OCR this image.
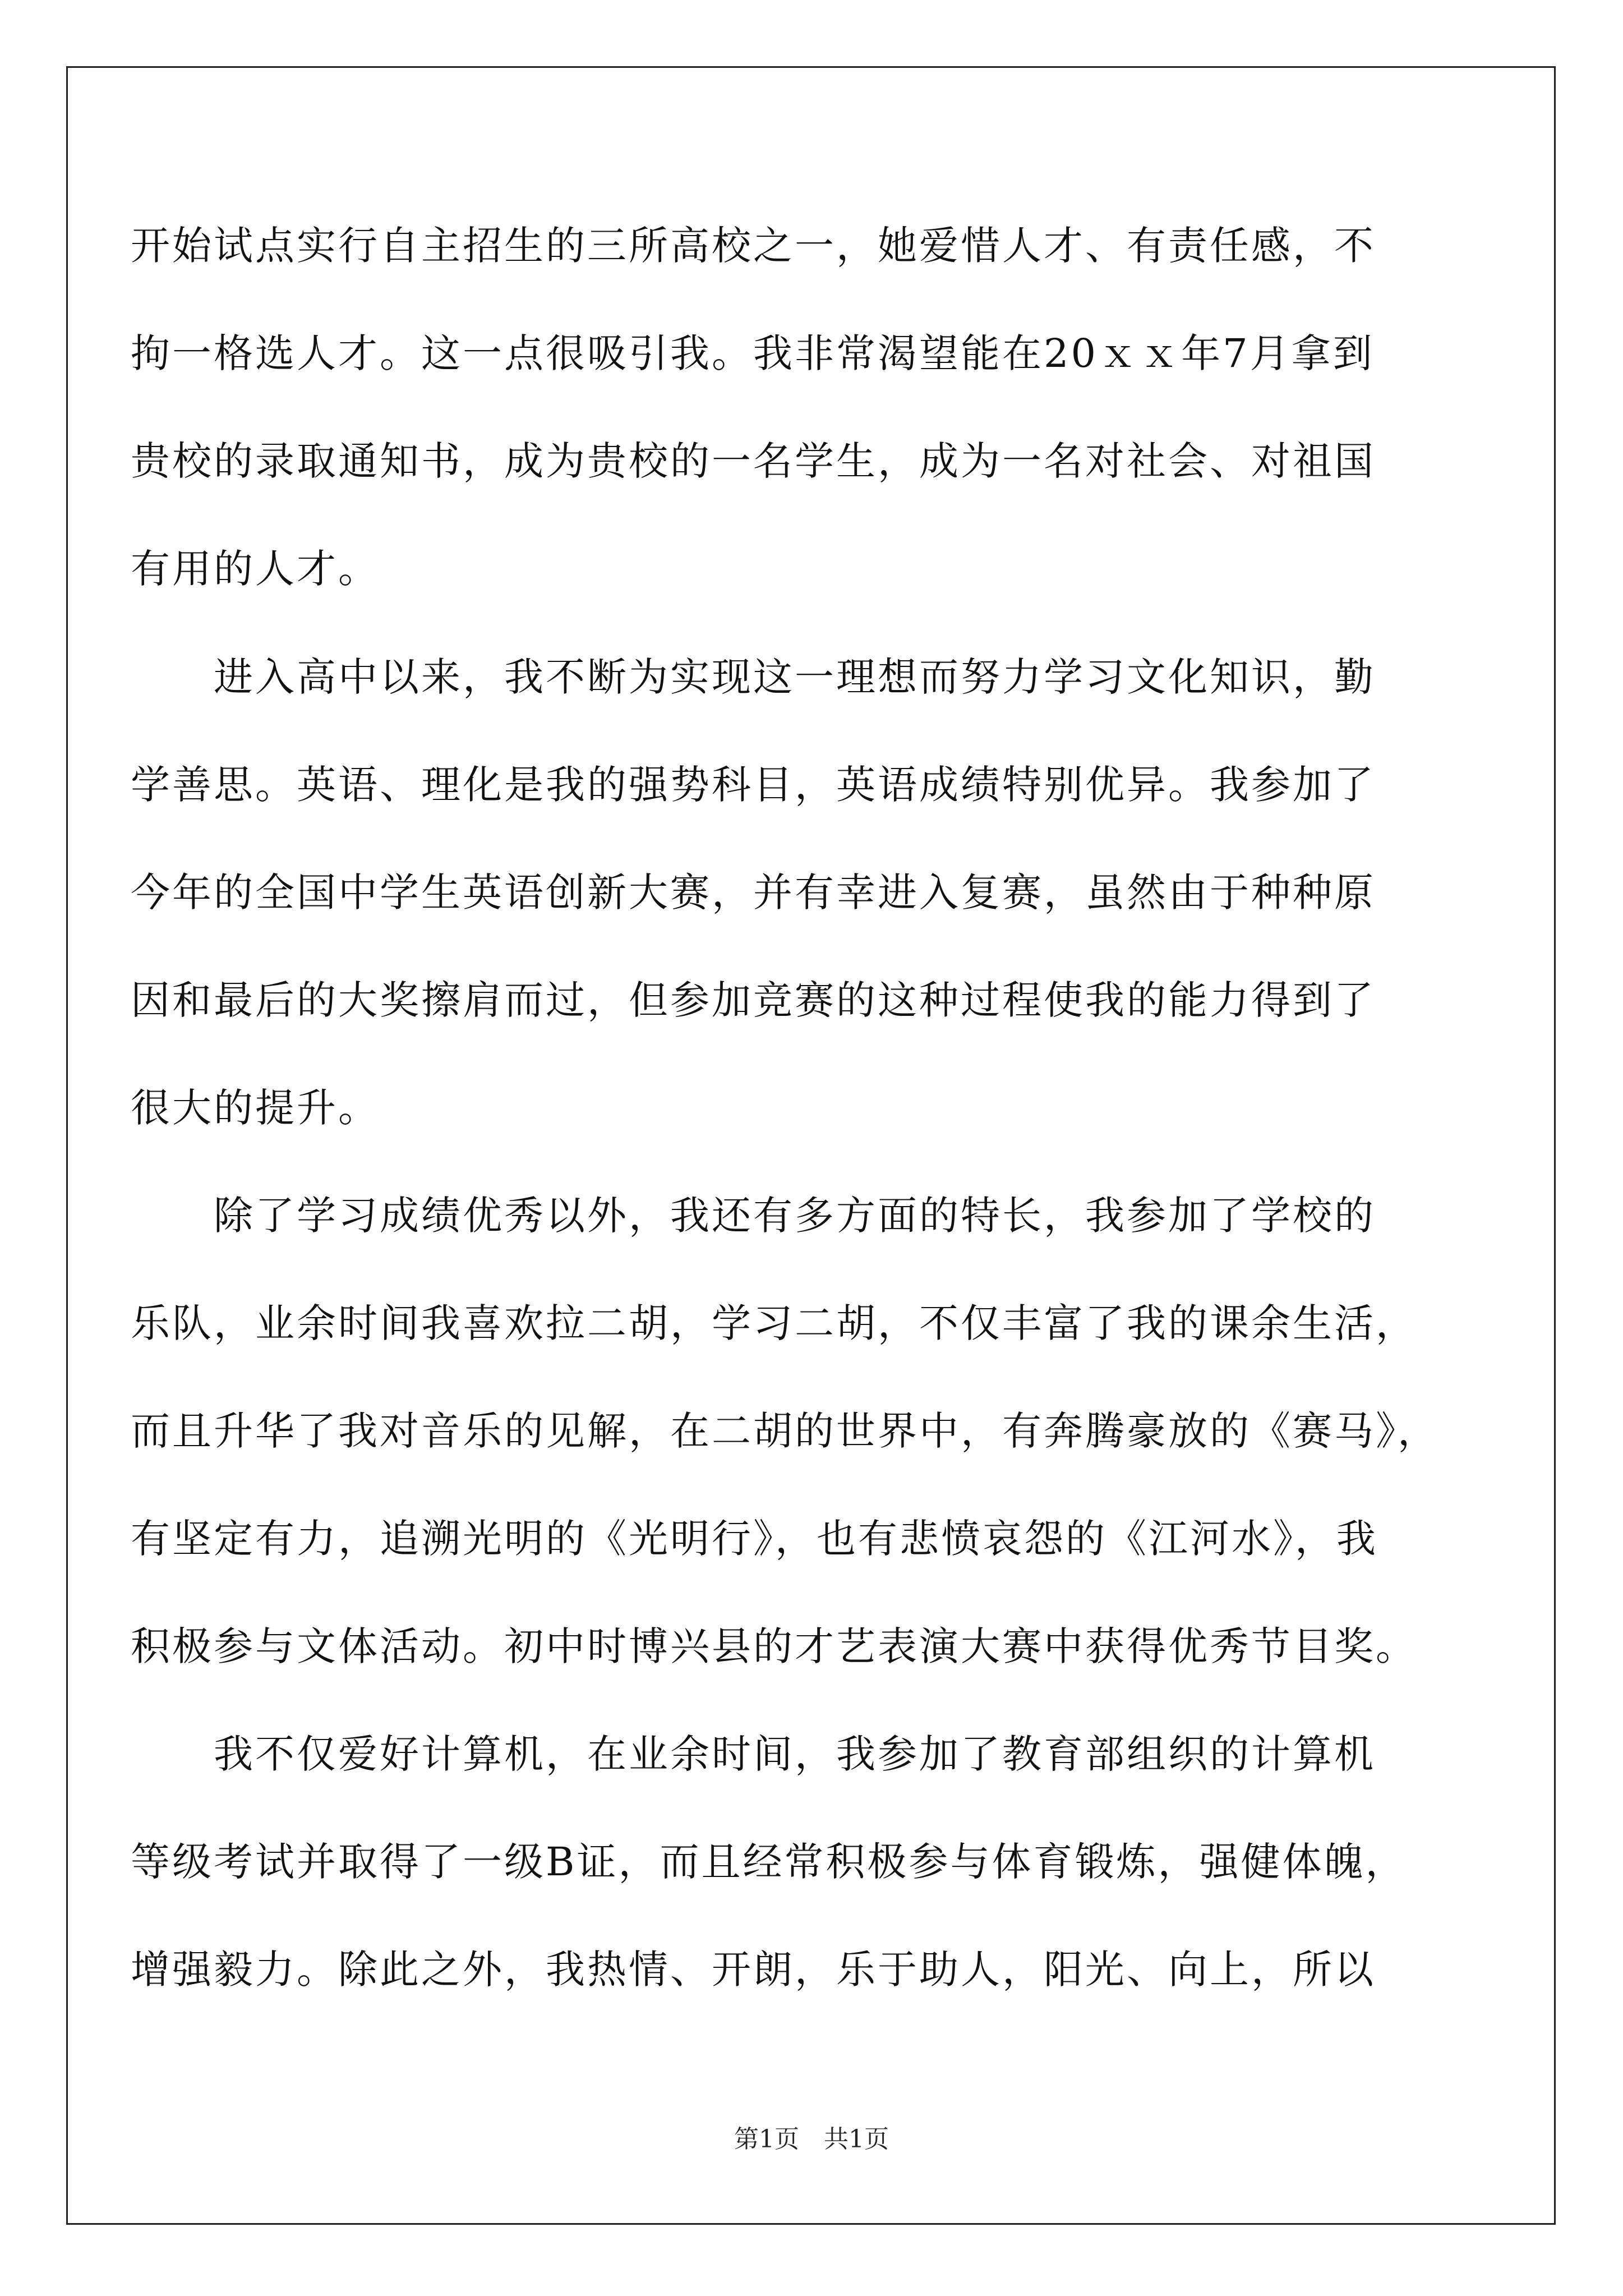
开始试点实行自主招生的三所高校之一，她爱惜人才、有责任感，不
拘一格选人才。这一点很吸引我。我非常渴望能在20ｘｘ年7月拿到
贵校的录取通知书，成为贵校的一名学生，成为一名对社会、对祖国
有用的人才。
　　进入高中以来，我不断为实现这一理想而努力学习文化知识，勤
学善思。英语、理化是我的强势科目，英语成绩特别优异。我参加了
今年的全国中学生英语创新大赛，并有幸进入复赛，虽然由于种种原
因和最后的大奖擦肩而过，但参加竞赛的这种过程使我的能力得到了
很大的提升。
　　除了学习成绩优秀以外，我还有多方面的特长，我参加了学校的
乐队，业余时间我喜欢拉二胡，学习二胡，不仅丰富了我的课余生活，
而且升华了我对音乐的见解，在二胡的世界中，有奔腾豪放的《赛马》，
有坚定有力，追溯光明的《光明行》，也有悲愤哀怨的《江河水》，我
积极参与文体活动。初中时博兴县的才艺表演大赛中获得优秀节目奖。
　　我不仅爱好计算机，在业余时间，我参加了教育部组织的计算机
等级考试并取得了一级B证，而且经常积极参与体育锻炼，强健体魄，
增强毅力。除此之外，我热情、开朗，乐于助人，阳光、向上，所以
第1页　共1页
